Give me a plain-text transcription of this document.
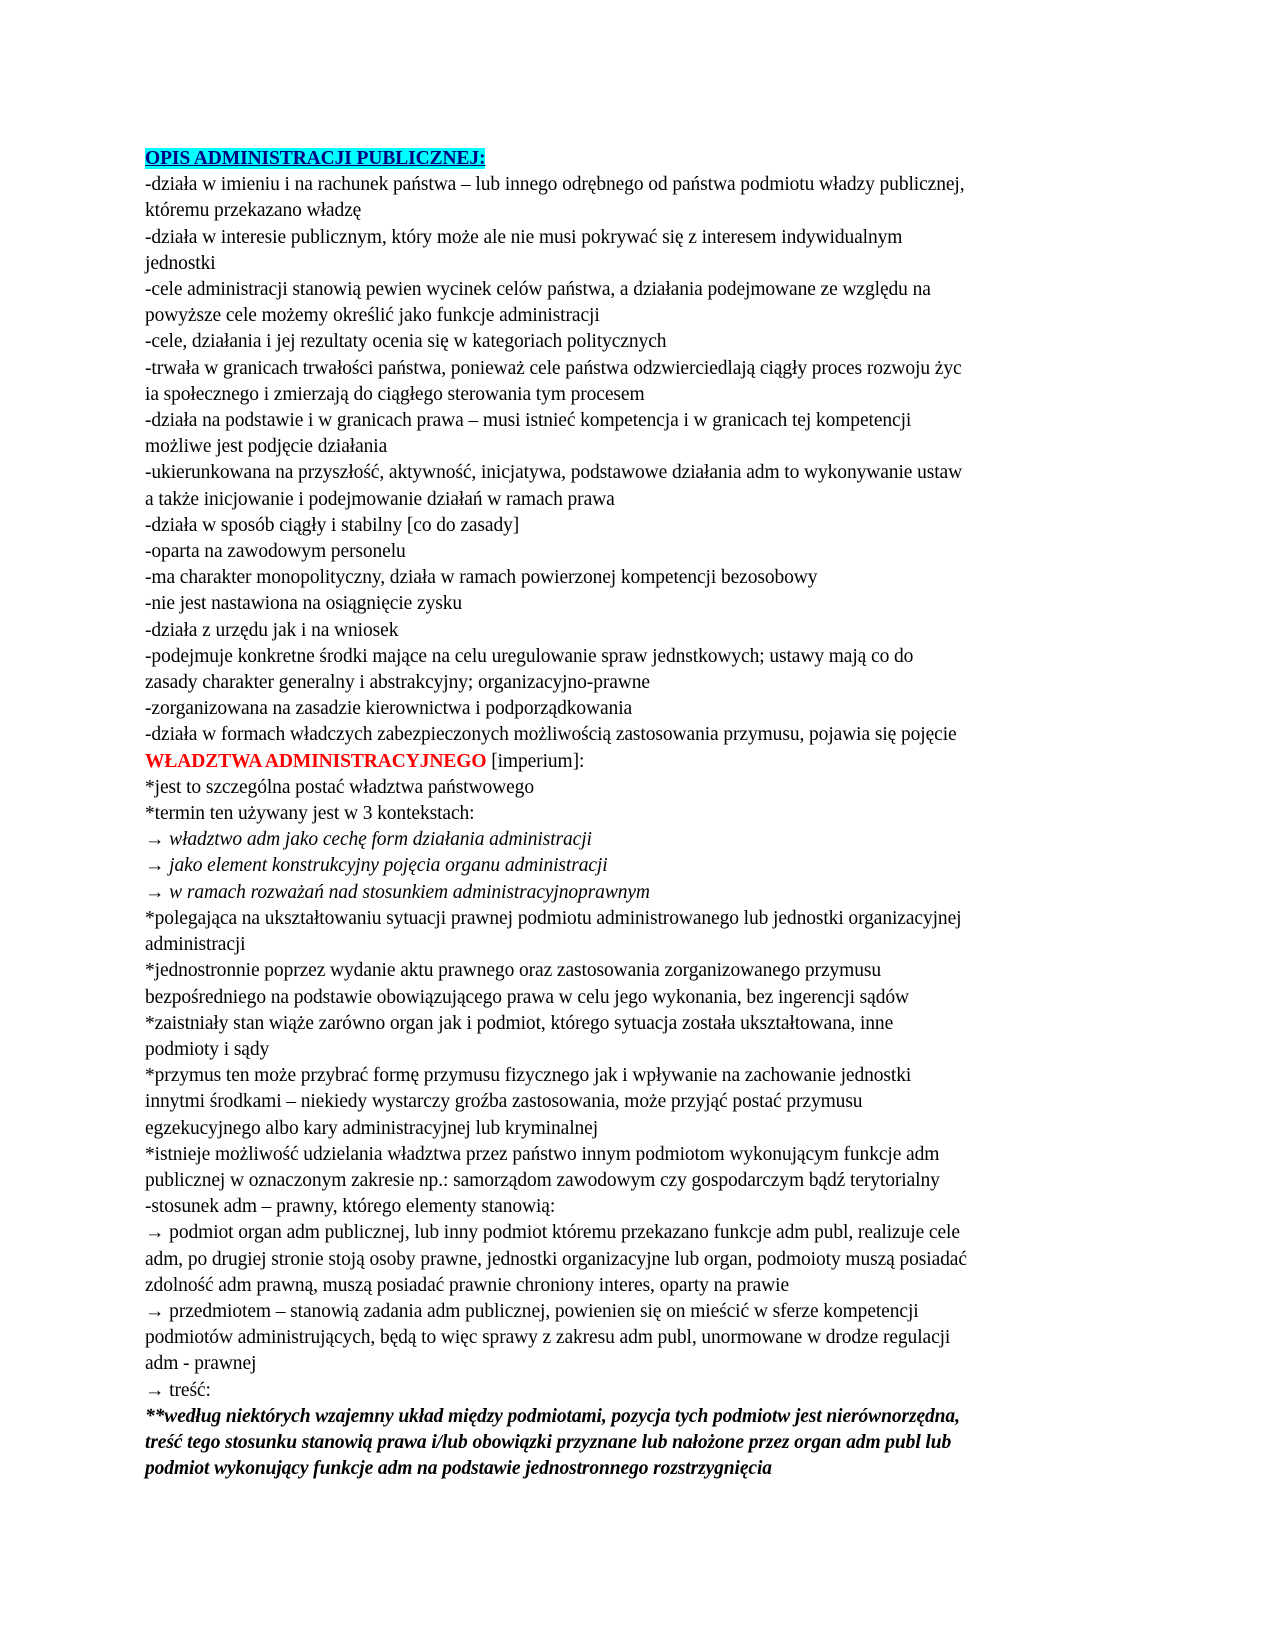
OPIS ADMINISTRACJI PUBLICZNEJ:
-działa w imieniu i na rachunek państwa – lub innego odrębnego od państwa podmiotu władzy publicznej,
któremu przekazano władzę
-działa w interesie publicznym, który może ale nie musi pokrywać się z interesem indywidualnym
jednostki
-cele administracji stanowią pewien wycinek celów państwa, a działania podejmowane ze względu na
powyższe cele możemy określić jako funkcje administracji
-cele, działania i jej rezultaty ocenia się w kategoriach politycznych
-trwała w granicach trwałości państwa, ponieważ cele państwa odzwierciedlają ciągły proces rozwoju życ
ia społecznego i zmierzają do ciągłego sterowania tym procesem
-działa na podstawie i w granicach prawa – musi istnieć kompetencja i w granicach tej kompetencji
możliwe jest podjęcie działania
-ukierunkowana na przyszłość, aktywność, inicjatywa, podstawowe działania adm to wykonywanie ustaw
a także inicjowanie i podejmowanie działań w ramach prawa
-działa w sposób ciągły i stabilny [co do zasady]
-oparta na zawodowym personelu
-ma charakter monopolityczny, działa w ramach powierzonej kompetencji bezosobowy
-nie jest nastawiona na osiągnięcie zysku
-działa z urzędu jak i na wniosek
-podejmuje konkretne środki mające na celu uregulowanie spraw jednstkowych; ustawy mają co do
zasady charakter generalny i abstrakcyjny; organizacyjno-prawne
-zorganizowana na zasadzie kierownictwa i podporządkowania
-działa w formach władczych zabezpieczonych możliwością zastosowania przymusu, pojawia się pojęcie
WŁADZTWA ADMINISTRACYJNEGO [imperium]:
*jest to szczególna postać władztwa państwowego
*termin ten używany jest w 3 kontekstach:
→ władztwo adm jako cechę form działania administracji
→ jako element konstrukcyjny pojęcia organu administracji
→ w ramach rozważań nad stosunkiem administracyjnoprawnym
*polegająca na ukształtowaniu sytuacji prawnej podmiotu administrowanego lub jednostki organizacyjnej
administracji
*jednostronnie poprzez wydanie aktu prawnego oraz zastosowania zorganizowanego przymusu
bezpośredniego na podstawie obowiązującego prawa w celu jego wykonania, bez ingerencji sądów
*zaistniały stan wiąże zarówno organ jak i podmiot, którego sytuacja została ukształtowana, inne
podmioty i sądy
*przymus ten może przybrać formę przymusu fizycznego jak i wpływanie na zachowanie jednostki
innytmi środkami – niekiedy wystarczy groźba zastosowania, może przyjąć postać przymusu
egzekucyjnego albo kary administracyjnej lub kryminalnej
*istnieje możliwość udzielania władztwa przez państwo innym podmiotom wykonującym funkcje adm
publicznej w oznaczonym zakresie np.: samorządom zawodowym czy gospodarczym bądź terytorialny
-stosunek adm – prawny, którego elementy stanowią:
→ podmiot organ adm publicznej, lub inny podmiot któremu przekazano funkcje adm publ, realizuje cele
adm, po drugiej stronie stoją osoby prawne, jednostki organizacyjne lub organ, podmoioty muszą posiadać
zdolność adm prawną, muszą posiadać prawnie chroniony interes, oparty na prawie
→ przedmiotem – stanowią zadania adm publicznej, powienien się on mieścić w sferze kompetencji
podmiotów administrujących, będą to więc sprawy z zakresu adm publ, unormowane w drodze regulacji
adm - prawnej
→ treść:
**według niektórych wzajemny układ między podmiotami, pozycja tych podmiotw jest nierównorzędna,
treść tego stosunku stanowią prawa i/lub obowiązki przyznane lub nałożone przez organ adm publ lub
podmiot wykonujący funkcje adm na podstawie jednostronnego rozstrzygnięcia
